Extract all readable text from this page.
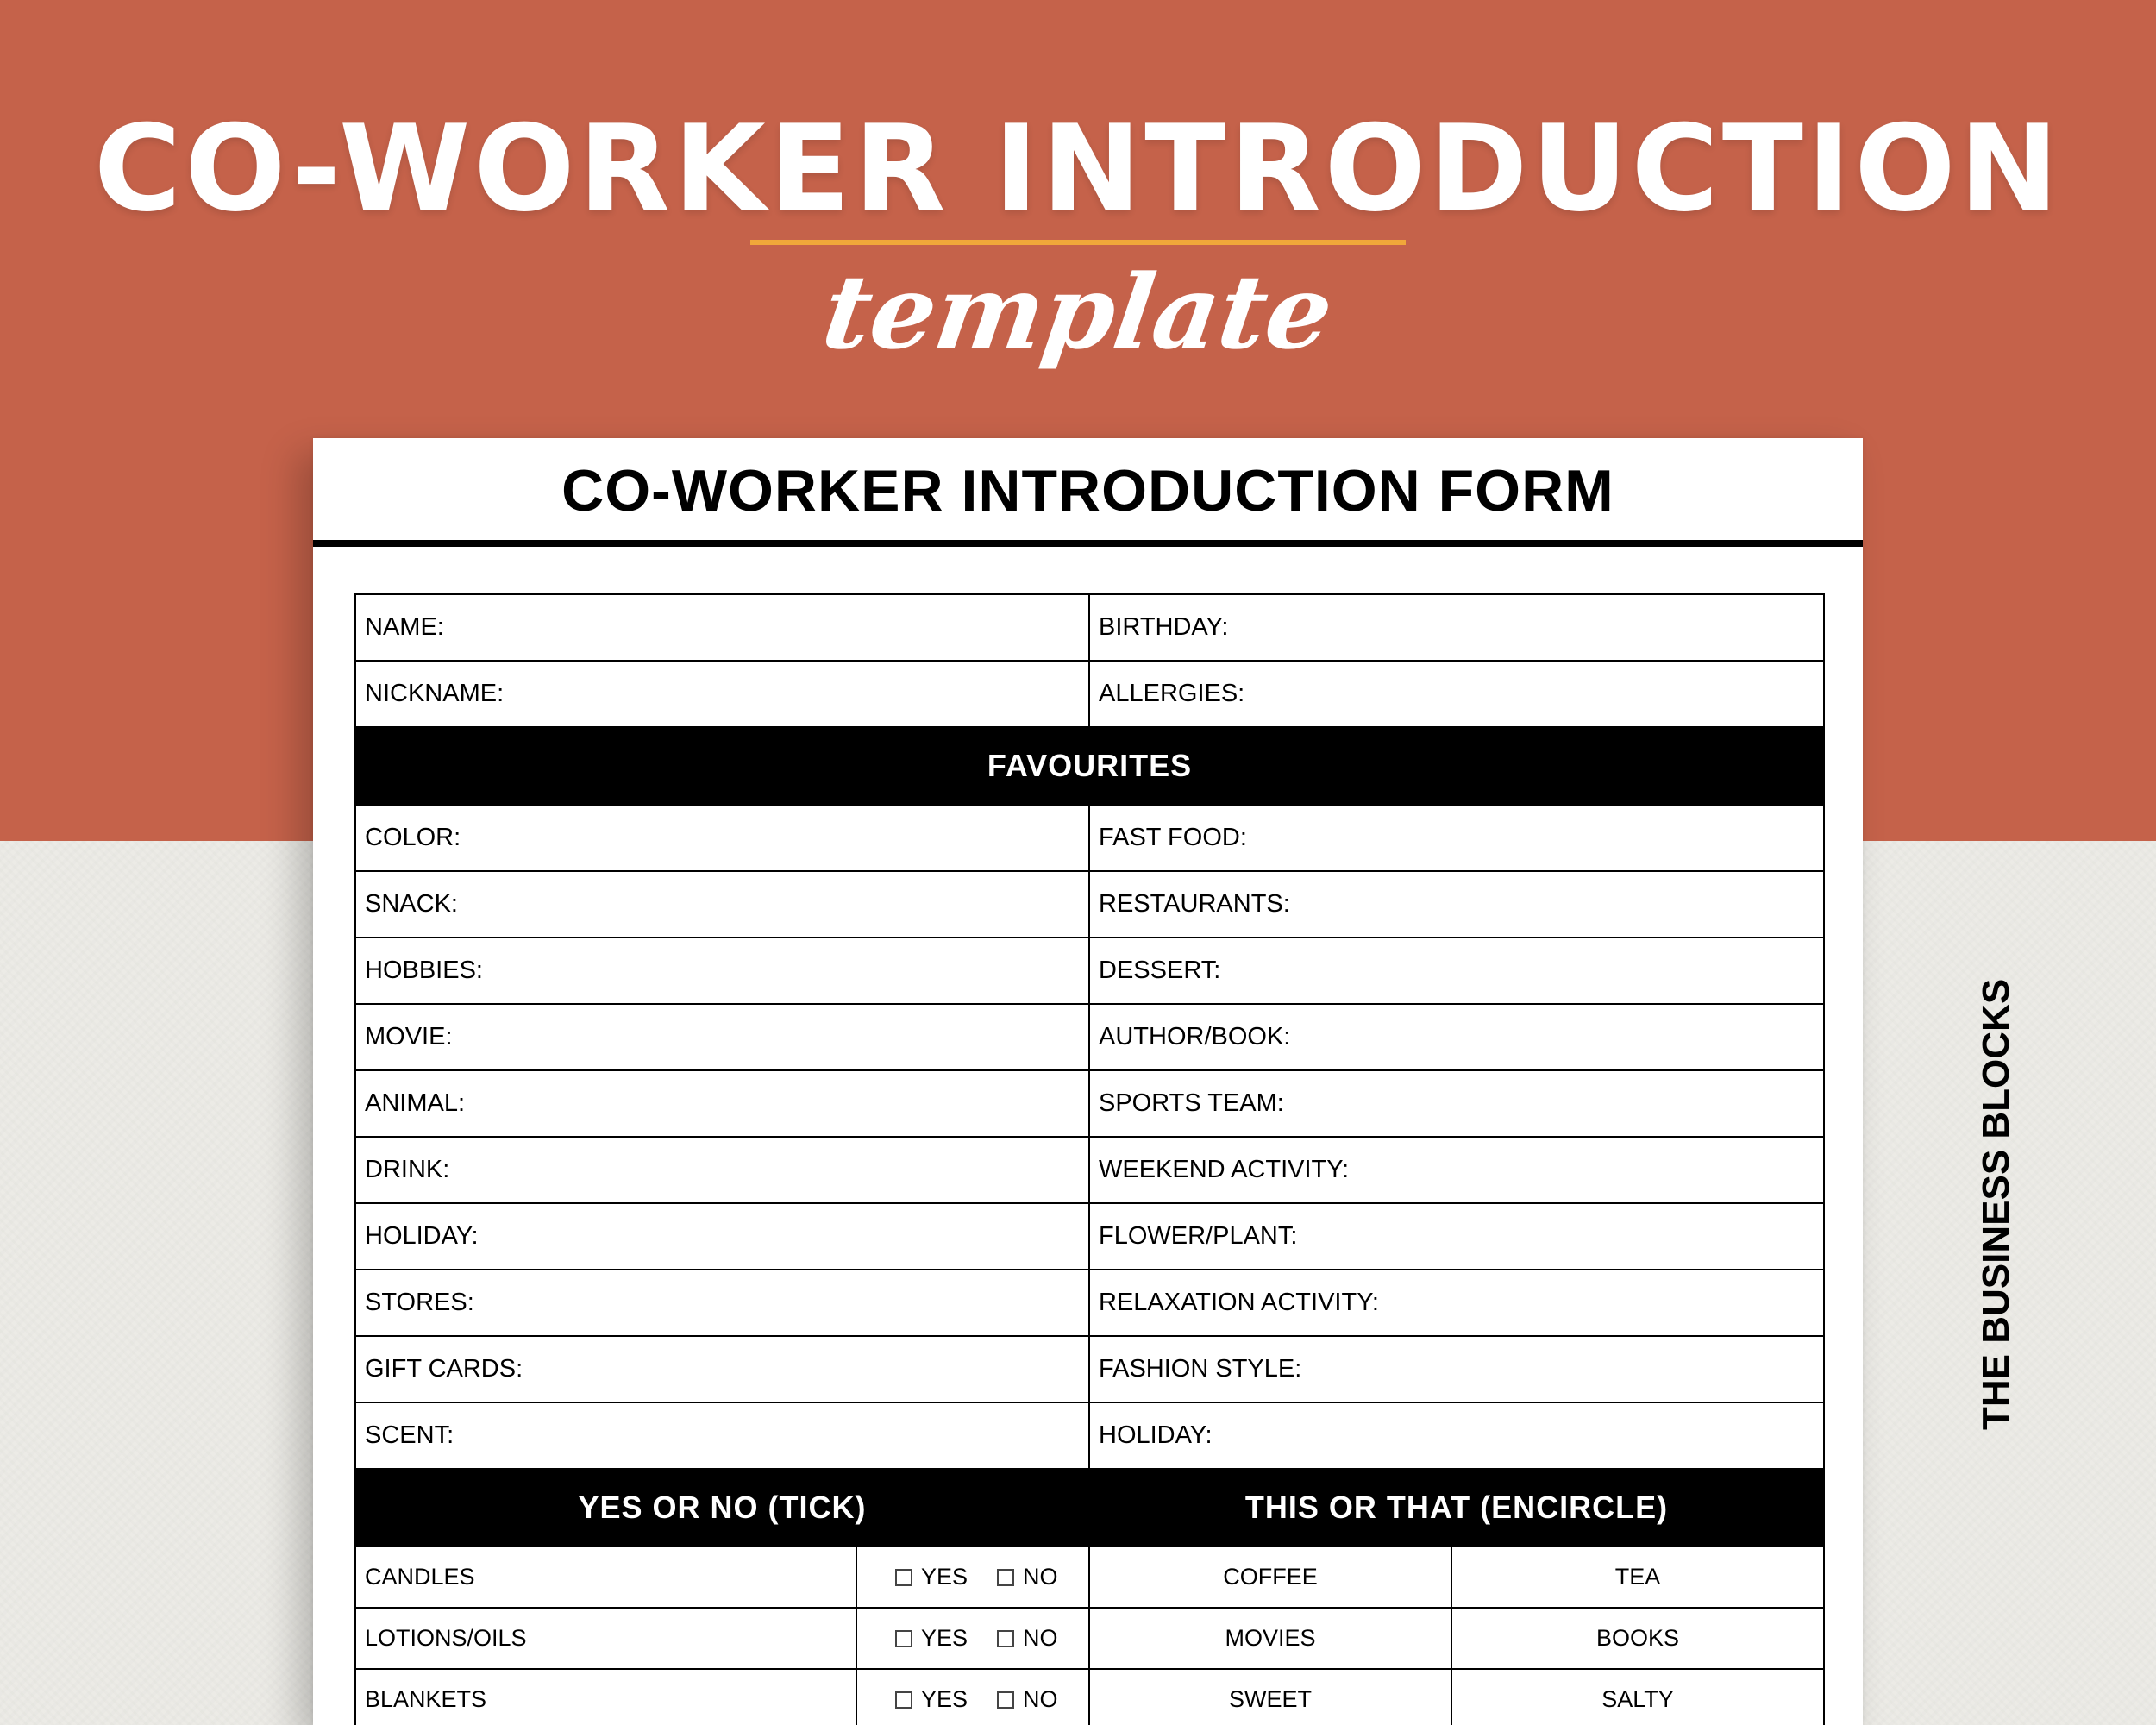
CO-WORKER INTRODUCTION
template
CO-WORKER INTRODUCTION FORM
NAME:		BIRTHDAY:	
NICKNAME:		ALLERGIES:	
FAVOURITES			
COLOR:		FAST FOOD:	
SNACK:		RESTAURANTS:	
HOBBIES:		DESSERT:	
MOVIE:		AUTHOR/BOOK:	
ANIMAL:		SPORTS TEAM:	
DRINK:		WEEKEND ACTIVITY:	
HOLIDAY:		FLOWER/PLANT:	
STORES:		RELAXATION ACTIVITY:	
GIFT CARDS:		FASHION STYLE:	
SCENT:		HOLIDAY:	
YES OR NO (TICK)		THIS OR THAT (ENCIRCLE)	
CANDLES	YES NO	COFFEE	TEA
LOTIONS/OILS	YES NO	MOVIES	BOOKS
BLANKETS	YES NO	SWEET	SALTY
THE BUSINESS BLOCKS
